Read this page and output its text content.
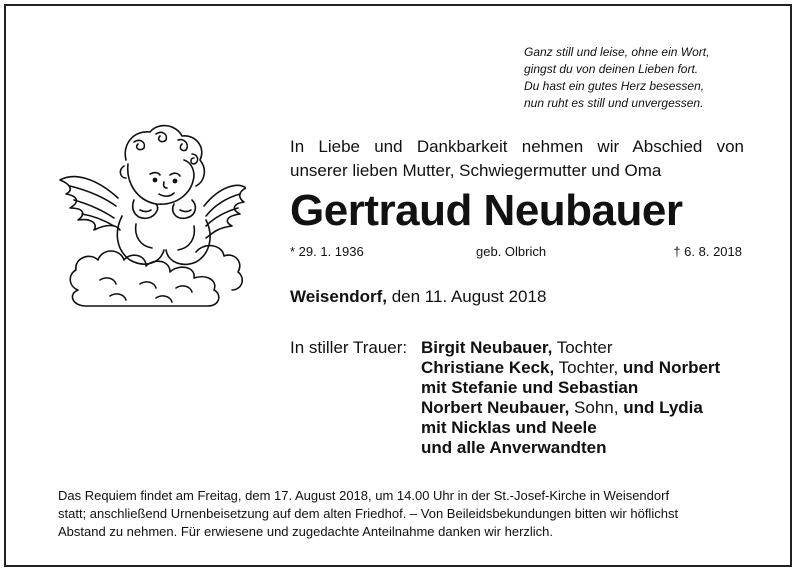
Ganz still und leise, ohne ein Wort,
gingst du von deinen Lieben fort.
Du hast ein gutes Herz besessen,
nun ruht es still und unvergessen.
In Liebe und Dankbarkeit nehmen wir Abschied von
unserer lieben Mutter, Schwiegermutter und Oma
Gertraud Neubauer
* 29. 1. 1936	geb. Olbrich	† 6. 8. 2018
Weisendorf, den 11. August 2018
In stiller Trauer: Birgit Neubauer, Tochter
Christiane Keck, Tochter, und Norbert
mit Stefanie und Sebastian
Norbert Neubauer, Sohn, und Lydia
mit Nicklas und Neele
und alle Anverwandten
Das Requiem findet am Freitag, dem 17. August 2018, um 14.00 Uhr in der St.-Josef-Kirche in Weisendorf
statt; anschließend Urnenbeisetzung auf dem alten Friedhof. – Von Beileidsbekundungen bitten wir höflichst
Abstand zu nehmen. Für erwiesene und zugedachte Anteilnahme danken wir herzlich.
